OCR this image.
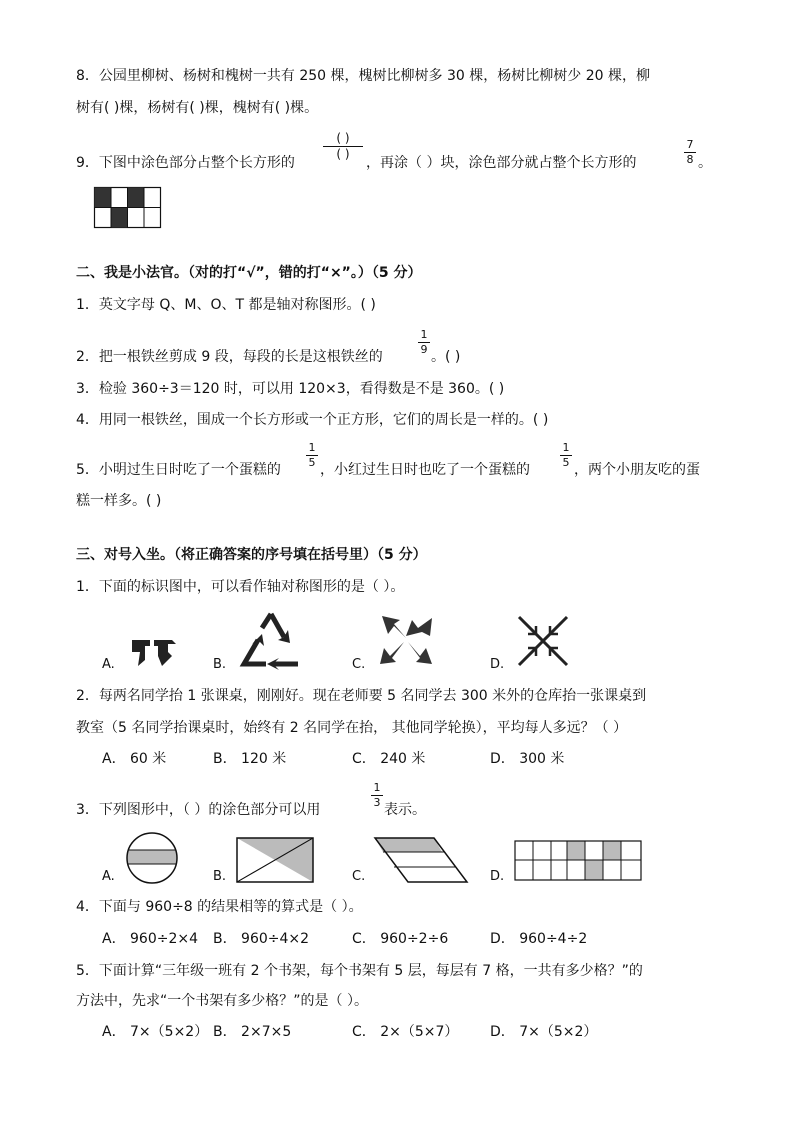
8．公园里柳树、杨树和槐树一共有 250 棵，槐树比柳树多 30 棵，杨树比柳树少 20 棵，柳
树有( )棵，杨树有( )棵，槐树有( )棵。
9．下图中涂色部分占整个长方形的
( )
( )
，再涂（ ）块，涂色部分就占整个长方形的
7
8 。
二、我是小法官。（对的打“√”，错的打“×”。）（5 分）
1．英文字母 Q、M、O、T 都是轴对称图形。( )
2．把一根铁丝剪成 9 段，每段的长是这根铁丝的
1
9 。( )
3．检验 360÷3＝120 时，可以用 120×3，看得数是不是 360。( )
4．用同一根铁丝，围成一个长方形或一个正方形，它们的周长是一样的。( )
5．小明过生日时吃了一个蛋糕的
1
5 ，小红过生日时也吃了一个蛋糕的
1
5 ，两个小朋友吃的蛋
糕一样多。( )
三、对号入坐。（将正确答案的序号填在括号里）（5 分）
1．下面的标识图中，可以看作轴对称图形的是（ ）。
A.	B.	C.	D.
2．每两名同学抬 1 张课桌，刚刚好。现在老师要 5 名同学去 300 米外的仓库抬一张课桌到
教室（5 名同学抬课桌时，始终有 2 名同学在抬， 其他同学轮换），平均每人多远？（ ）
A． 60 米	B． 120 米	C． 240 米	D． 300 米
3．下列图形中，（ ）的涂色部分可以用
1
3 表示。
A.	B.	C.	D.
4．下面与 960÷8 的结果相等的算式是（ ）。
A． 960÷2×4 B． 960÷4×2	C． 960÷2÷6	D． 960÷4÷2
5．下面计算“三年级一班有 2 个书架，每个书架有 5 层，每层有 7 格，一共有多少格？”的
方法中，先求“一个书架有多少格？”的是（ ）。
A． 7×（5×2） B． 2×7×5	C． 2×（5×7） D． 7×（5×2）
